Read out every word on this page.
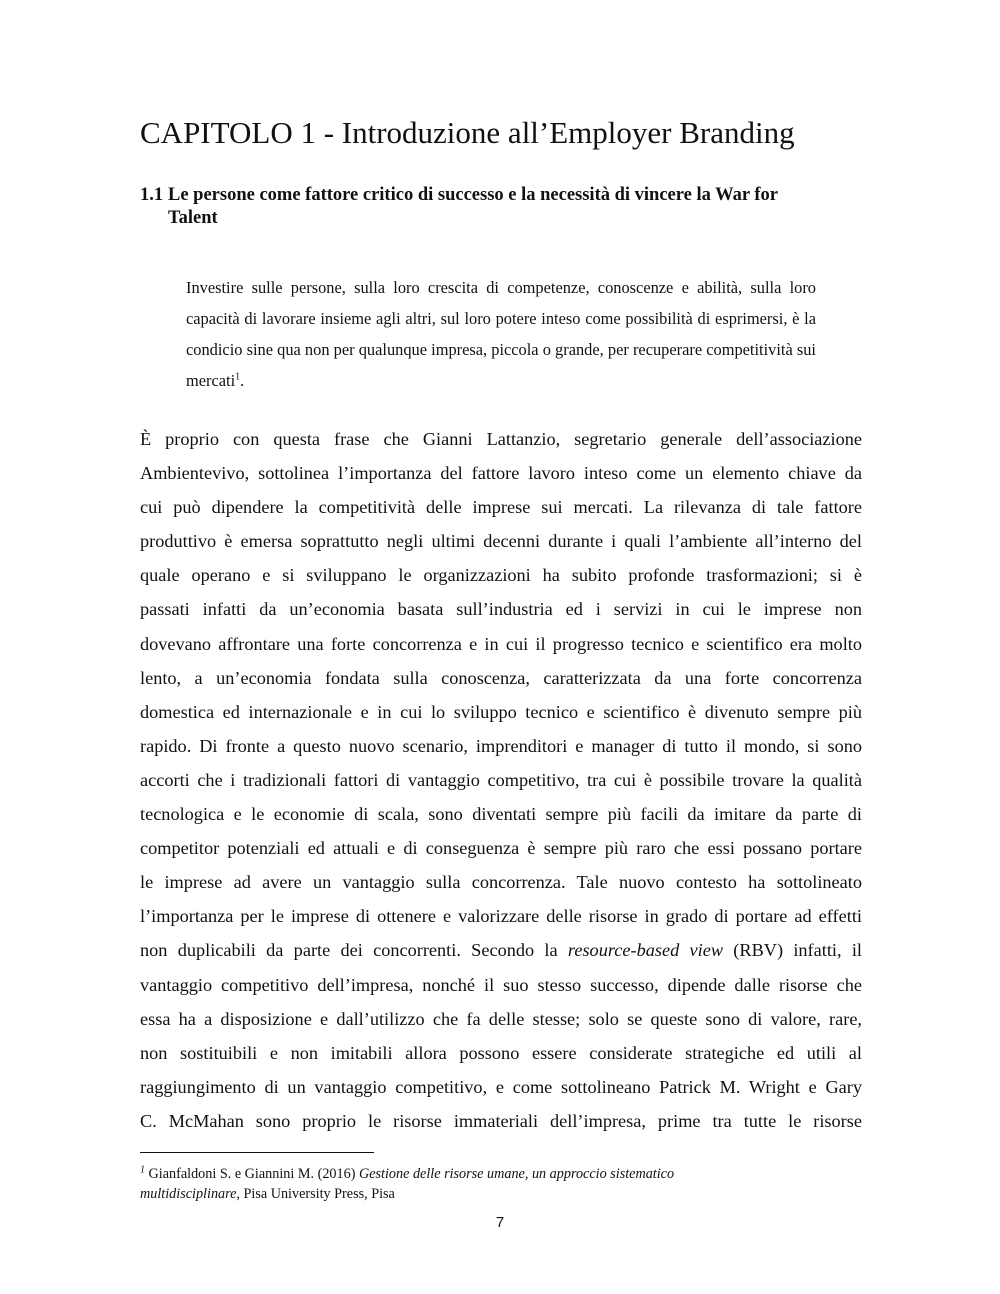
CAPITOLO 1 - Introduzione all’Employer Branding
1.1 Le persone come fattore critico di successo e la necessità di vincere la War for
Talent

Investire sulle persone, sulla loro crescita di competenze, conoscenze e abilità, sulla loro capacità di lavorare insieme agli altri, sul loro potere inteso come possibilità di esprimersi, è la condicio sine qua non per qualunque impresa, piccola o grande, per recuperare competitività sui mercati$^1$.

È proprio con questa frase che Gianni Lattanzio, segretario generale dell’associazione
Ambientevivo, sottolinea l’importanza del fattore lavoro inteso come un elemento chiave da
cui può dipendere la competitività delle imprese sui mercati. La rilevanza di tale fattore
produttivo è emersa soprattutto negli ultimi decenni durante i quali l’ambiente all’interno del
quale operano e si sviluppano le organizzazioni ha subito profonde trasformazioni; si è
passati infatti da un’economia basata sull’industria ed i servizi in cui le imprese non
dovevano affrontare una forte concorrenza e in cui il progresso tecnico e scientifico era molto
lento, a un’economia fondata sulla conoscenza, caratterizzata da una forte concorrenza
domestica ed internazionale e in cui lo sviluppo tecnico e scientifico è divenuto sempre più
rapido. Di fronte a questo nuovo scenario, imprenditori e manager di tutto il mondo, si sono
accorti che i tradizionali fattori di vantaggio competitivo, tra cui è possibile trovare la qualità
tecnologica e le economie di scala, sono diventati sempre più facili da imitare da parte di
competitor potenziali ed attuali e di conseguenza è sempre più raro che essi possano portare
le imprese ad avere un vantaggio sulla concorrenza. Tale nuovo contesto ha sottolineato
l’importanza per le imprese di ottenere e valorizzare delle risorse in grado di portare ad effetti
non duplicabili da parte dei concorrenti. Secondo la resource-based view (RBV) infatti, il
vantaggio competitivo dell’impresa, nonché il suo stesso successo, dipende dalle risorse che
essa ha a disposizione e dall’utilizzo che fa delle stesse; solo se queste sono di valore, rare,
non sostituibili e non imitabili allora possono essere considerate strategiche ed utili al
raggiungimento di un vantaggio competitivo, e come sottolineano Patrick M. Wright e Gary
C. McMahan sono proprio le risorse immateriali dell’impresa, prime tra tutte le risorse

$^1$ Gianfaldoni S. e Giannini M. (2016) Gestione delle risorse umane, un approccio sistematico
multidisciplinare, Pisa University Press, Pisa

7
